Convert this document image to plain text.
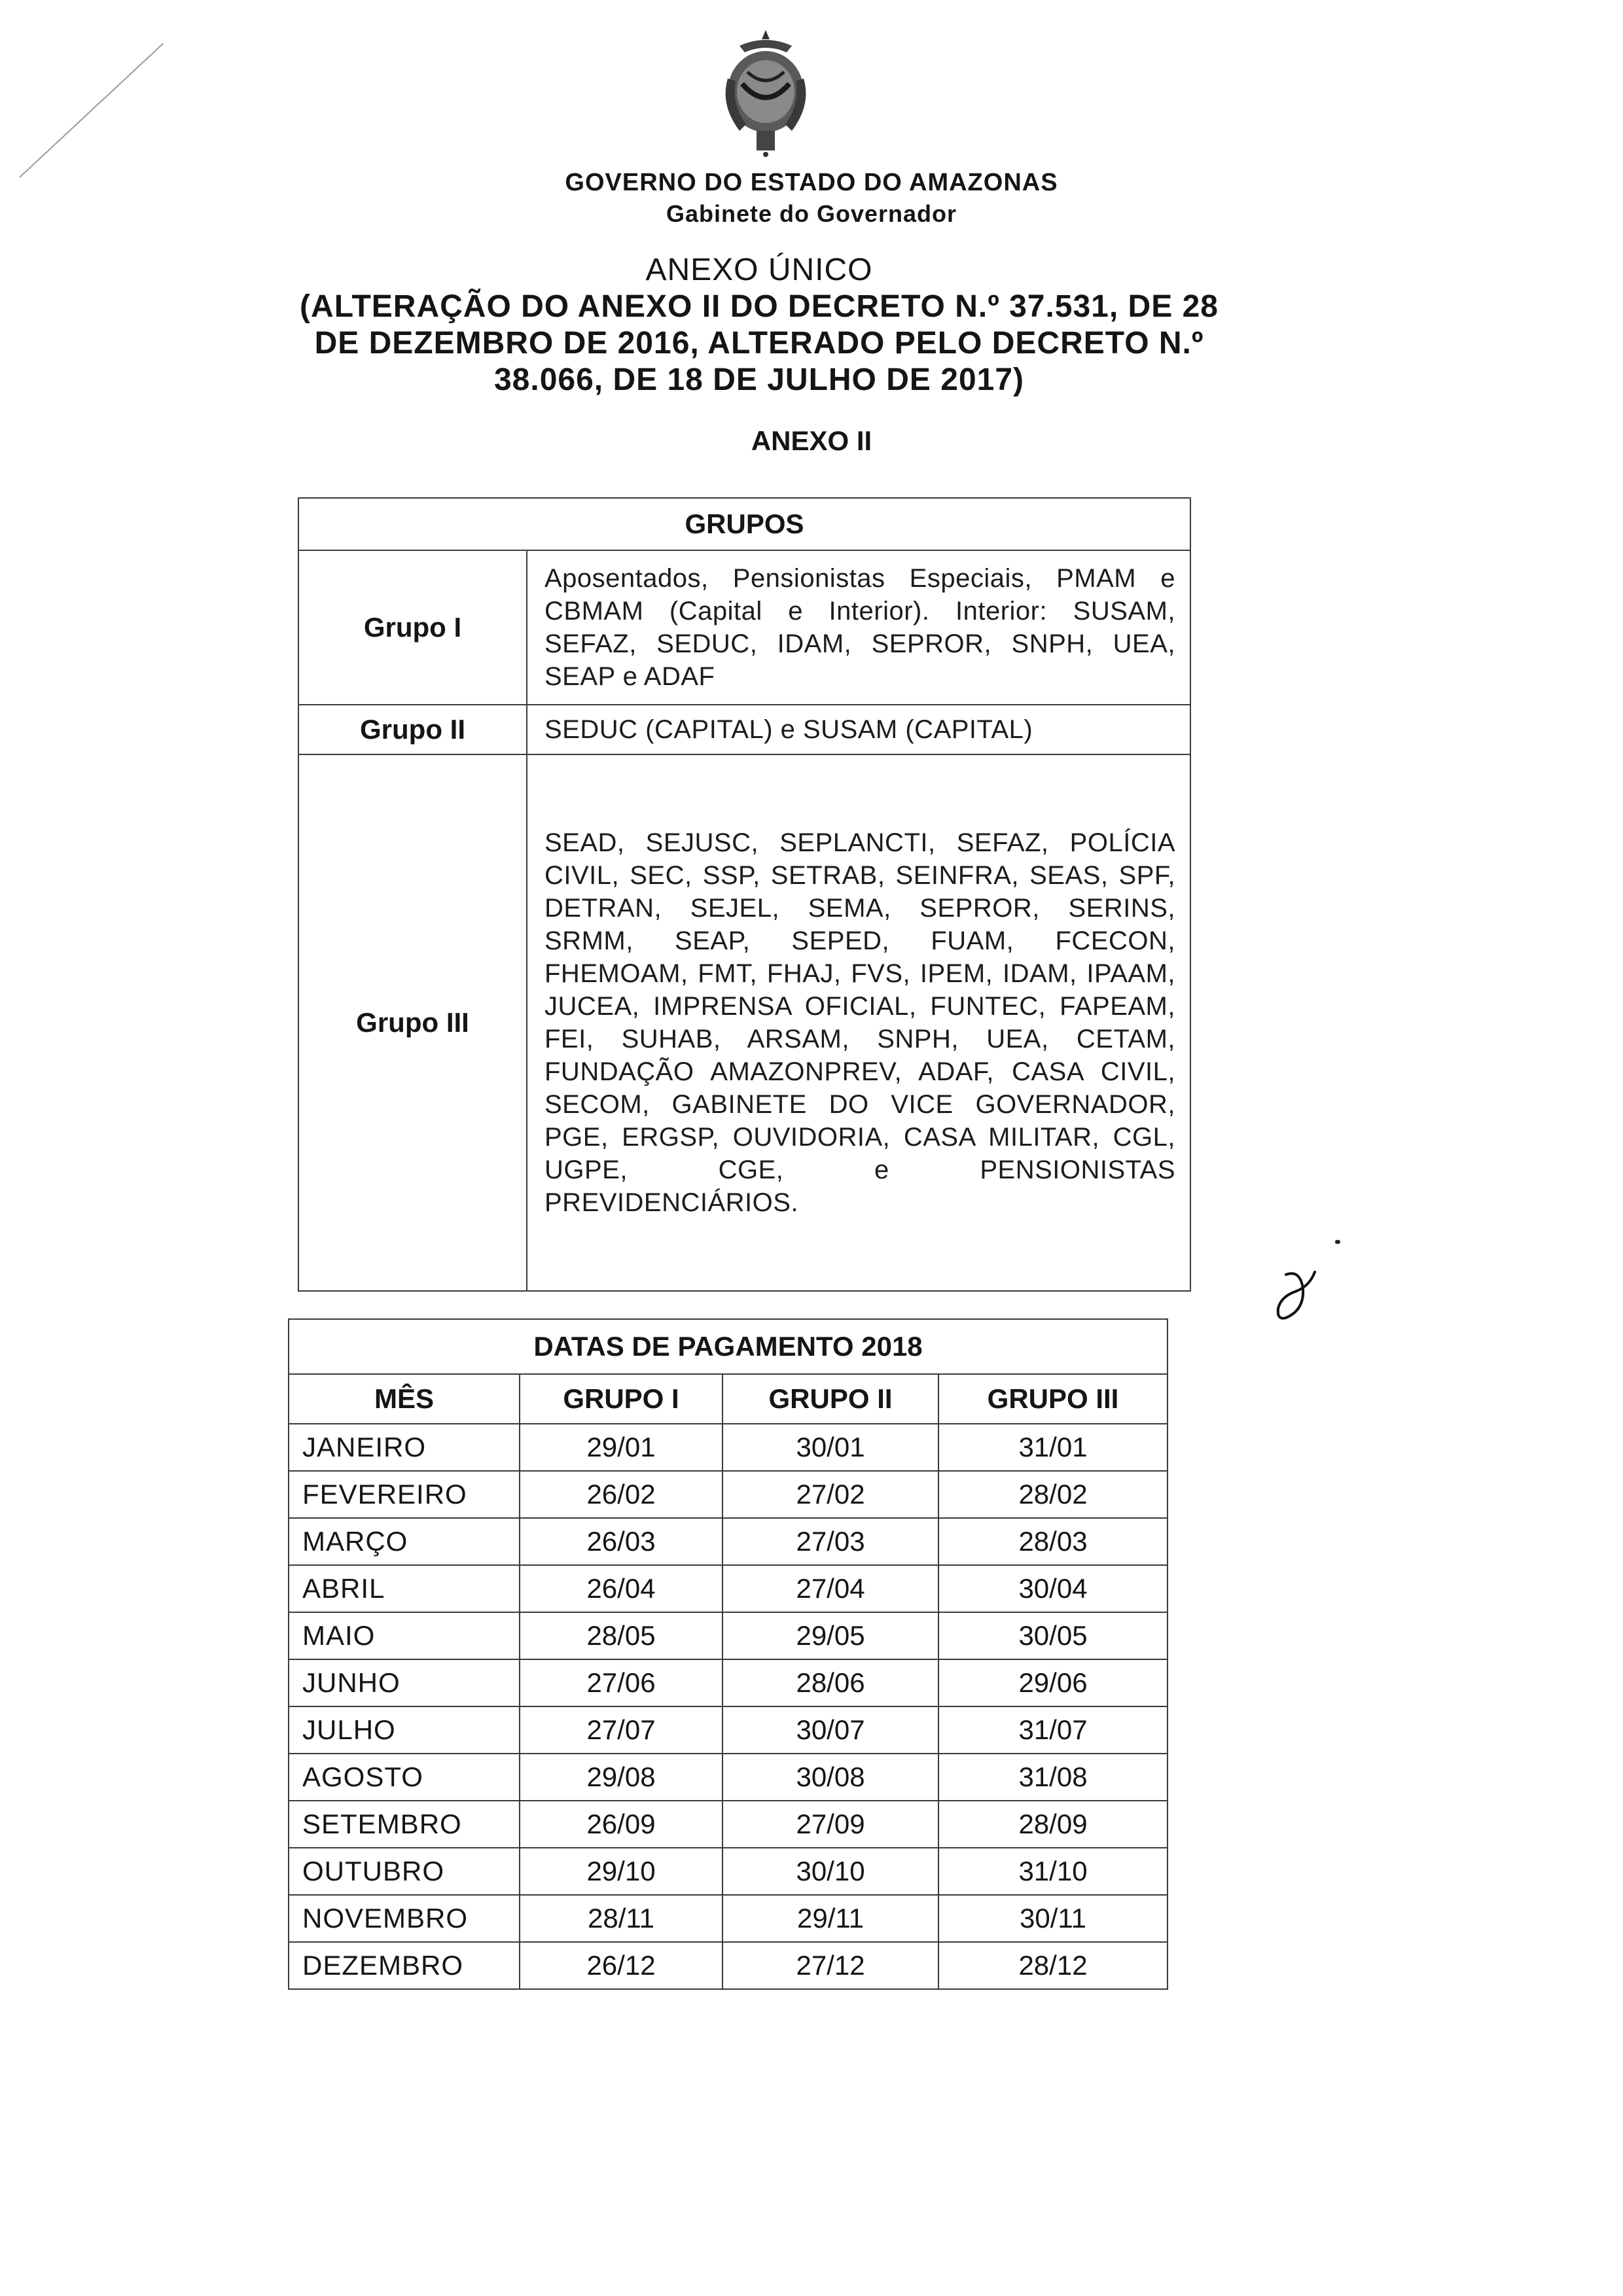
GOVERNO DO ESTADO DO AMAZONAS
Gabinete do Governador
ANEXO ÚNICO
(ALTERAÇÃO DO ANEXO II DO DECRETO N.º 37.531, DE 28
DE DEZEMBRO DE 2016, ALTERADO PELO DECRETO N.º
38.066, DE 18 DE JULHO DE 2017)
ANEXO II
GRUPOS	
Grupo I	Aposentados, Pensionistas Especiais, PMAM e CBMAM (Capital e Interior). Interior: SUSAM, SEFAZ, SEDUC, IDAM, SEPROR, SNPH, UEA, SEAP e ADAF
Grupo II	SEDUC (CAPITAL) e SUSAM (CAPITAL)
Grupo III	SEAD, SEJUSC, SEPLANCTI, SEFAZ, POLÍCIA CIVIL, SEC, SSP, SETRAB, SEINFRA, SEAS, SPF, DETRAN, SEJEL, SEMA, SEPROR, SERINS, SRMM, SEAP, SEPED, FUAM, FCECON, FHEMOAM, FMT, FHAJ, FVS, IPEM, IDAM, IPAAM, JUCEA, IMPRENSA OFICIAL, FUNTEC, FAPEAM, FEI, SUHAB, ARSAM, SNPH, UEA, CETAM, FUNDAÇÃO AMAZONPREV, ADAF, CASA CIVIL, SECOM, GABINETE DO VICE GOVERNADOR, PGE, ERGSP, OUVIDORIA, CASA MILITAR, CGL, UGPE, CGE, e PENSIONISTAS PREVIDENCIÁRIOS.
DATAS DE PAGAMENTO 2018			
MÊS	GRUPO I	GRUPO II	GRUPO III
JANEIRO	29/01	30/01	31/01
FEVEREIRO	26/02	27/02	28/02
MARÇO	26/03	27/03	28/03
ABRIL	26/04	27/04	30/04
MAIO	28/05	29/05	30/05
JUNHO	27/06	28/06	29/06
JULHO	27/07	30/07	31/07
AGOSTO	29/08	30/08	31/08
SETEMBRO	26/09	27/09	28/09
OUTUBRO	29/10	30/10	31/10
NOVEMBRO	28/11	29/11	30/11
DEZEMBRO	26/12	27/12	28/12
